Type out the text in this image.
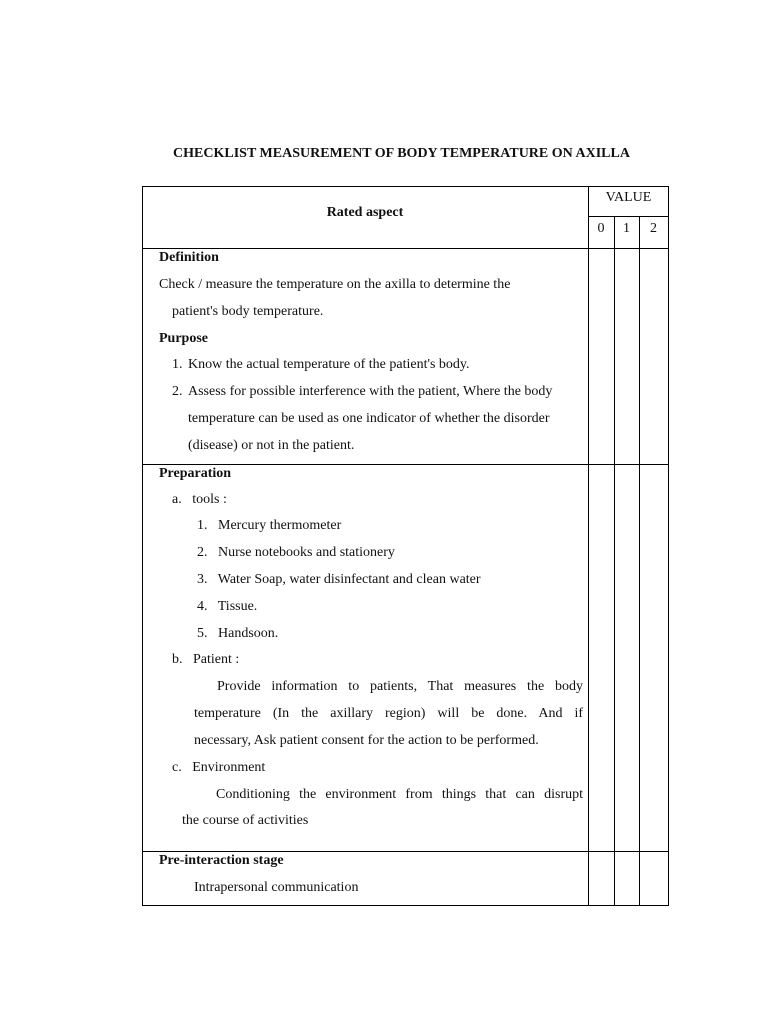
CHECKLIST MEASUREMENT OF BODY TEMPERATURE ON AXILLA
Rated aspect
VALUE
0	1	2
Definition
Check / measure the temperature on the axilla to determine the
patient's body temperature.
Purpose
1. Know the actual temperature of the patient's body.
2. Assess for possible interference with the patient, Where the body
temperature can be used as one indicator of whether the disorder
(disease) or not in the patient.
Preparation
a.   tools :
1.   Mercury thermometer
2.   Nurse notebooks and stationery
3.   Water Soap, water disinfectant and clean water
4.   Tissue.
5.   Handsoon.
b.   Patient :
Provide information to patients, That measures the body
temperature (In the axillary region) will be done. And if
necessary, Ask patient consent for the action to be performed.
c.   Environment
Conditioning the environment from things that can disrupt
the course of activities
Pre-interaction stage
Intrapersonal communication
